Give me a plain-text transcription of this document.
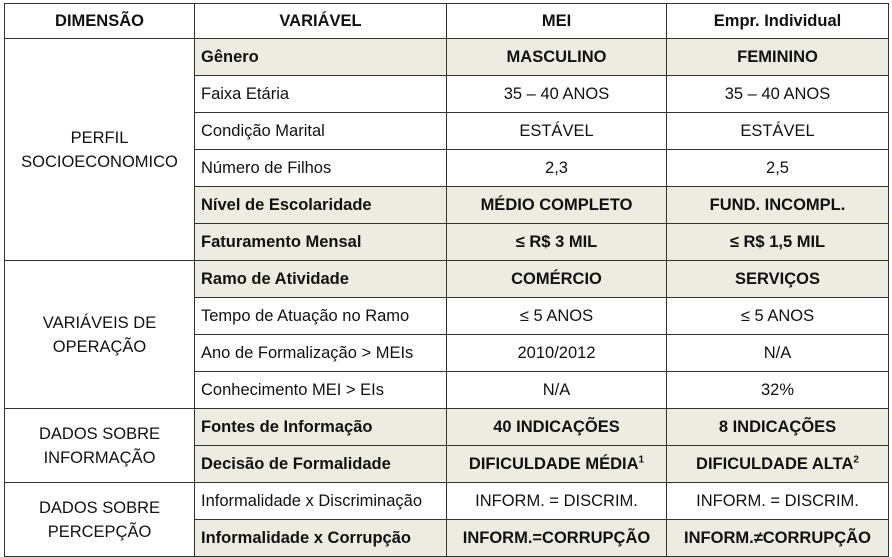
DIMENSÃO	VARIÁVEL	MEI	Empr. Individual

PERFIL
SOCIOECONOMICO	Gênero	MASCULINO	FEMININO
	Faixa Etária	35 – 40 ANOS	35 – 40 ANOS
	Condição Marital	ESTÁVEL	ESTÁVEL
	Número de Filhos	2,3	2,5
	Nível de Escolaridade	MÉDIO COMPLETO	FUND. INCOMPL.
	Faturamento Mensal	≤ R$ 3 MIL	≤ R$ 1,5 MIL

VARIÁVEIS DE
OPERAÇÃO	Ramo de Atividade	COMÉRCIO	SERVIÇOS
	Tempo de Atuação no Ramo	≤ 5 ANOS	≤ 5 ANOS
	Ano de Formalização > MEIs	2010/2012	N/A
	Conhecimento MEI > EIs	N/A	32%

DADOS SOBRE
INFORMAÇÃO	Fontes de Informação	40 INDICAÇÕES	8 INDICAÇÕES
	Decisão de Formalidade	DIFICULDADE MÉDIA$^1$	DIFICULDADE ALTA$^2$

DADOS SOBRE
PERCEPÇÃO	Informalidade x Discriminação	INFORM. = DISCRIM.	INFORM. = DISCRIM.
	Informalidade x Corrupção	INFORM.=CORRUPÇÃO	INFORM.≠CORRUPÇÃO
